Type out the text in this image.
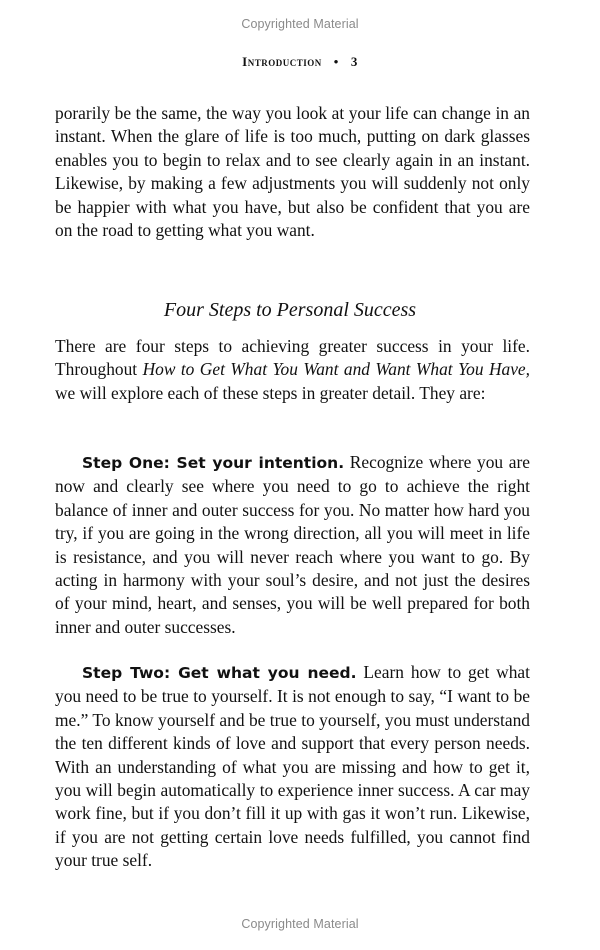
Copyrighted Material
Introduction • 3

porarily be the same, the way you look at your life can change in an instant. When the glare of life is too much, putting on dark glasses enables you to begin to relax and to see clearly again in an instant. Likewise, by making a few adjustments you will suddenly not only be happier with what you have, but also be confident that you are on the road to getting what you want.

Four Steps to Personal Success

There are four steps to achieving greater success in your life. Throughout How to Get What You Want and Want What You Have, we will explore each of these steps in greater detail. They are:

Step One: Set your intention. Recognize where you are now and clearly see where you need to go to achieve the right balance of inner and outer success for you. No matter how hard you try, if you are going in the wrong direction, all you will meet in life is resistance, and you will never reach where you want to go. By acting in harmony with your soul’s desire, and not just the desires of your mind, heart, and senses, you will be well prepared for both inner and outer successes.

Step Two: Get what you need. Learn how to get what you need to be true to yourself. It is not enough to say, “I want to be me.” To know yourself and be true to yourself, you must understand the ten different kinds of love and support that every person needs. With an understanding of what you are missing and how to get it, you will begin automatically to experience inner success. A car may work fine, but if you don’t fill it up with gas it won’t run. Likewise, if you are not getting certain love needs fulfilled, you cannot find your true self.

Copyrighted Material
